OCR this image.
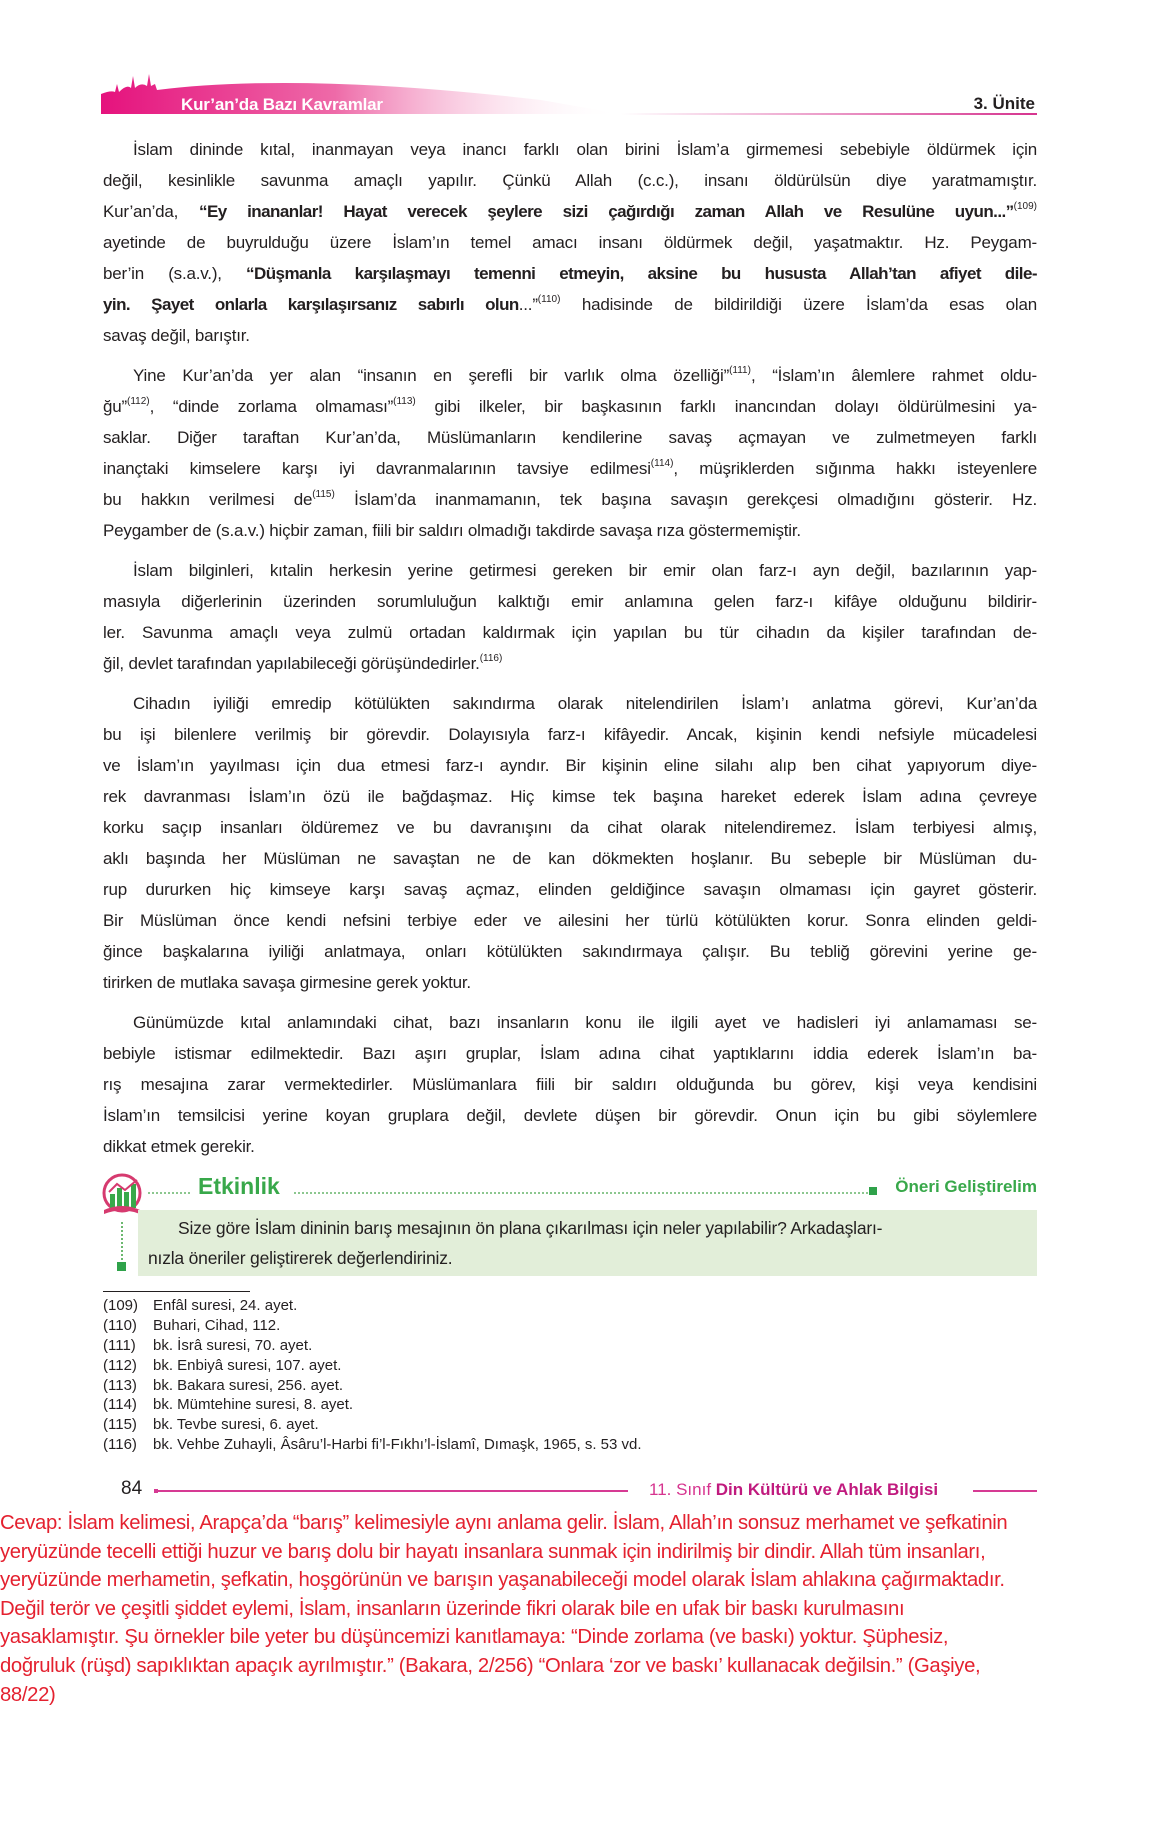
Kur’an’da Bazı Kavramlar	3. Ünite
İslam dininde kıtal, inanmayan veya inancı farklı olan birini İslam’a girmemesi sebebiyle öldürmek için
değil, kesinlikle savunma amaçlı yapılır. Çünkü Allah (c.c.), insanı öldürülsün diye yaratmamıştır.
Kur’an’da, “Ey inananlar! Hayat verecek şeylere sizi çağırdığı zaman Allah ve Resulüne uyun...”$^{(109)}$
ayetinde de buyrulduğu üzere İslam’ın temel amacı insanı öldürmek değil, yaşatmaktır. Hz. Peygam-
ber’in (s.a.v.), “Düşmanla karşılaşmayı temenni etmeyin, aksine bu hususta Allah’tan afiyet dile-
yin. Şayet onlarla karşılaşırsanız sabırlı olun...”$^{(110)}$ hadisinde de bildirildiği üzere İslam’da esas olan
savaş değil, barıştır.
Yine Kur’an’da yer alan “insanın en şerefli bir varlık olma özelliği”$^{(111)}$, “İslam’ın âlemlere rahmet oldu-
ğu”$^{(112)}$, “dinde zorlama olmaması”$^{(113)}$ gibi ilkeler, bir başkasının farklı inancından dolayı öldürülmesini ya-
saklar. Diğer taraftan Kur’an’da, Müslümanların kendilerine savaş açmayan ve zulmetmeyen farklı
inançtaki kimselere karşı iyi davranmalarının tavsiye edilmesi$^{(114)}$, müşriklerden sığınma hakkı isteyenlere
bu hakkın verilmesi $de^{(115)}$ İslam’da inanmamanın, tek başına savaşın gerekçesi olmadığını gösterir. Hz.
Peygamber de (s.a.v.) hiçbir zaman, fiili bir saldırı olmadığı takdirde savaşa rıza göstermemiştir.
İslam bilginleri, kıtalin herkesin yerine getirmesi gereken bir emir olan farz-ı ayn değil, bazılarının yap-
masıyla diğerlerinin üzerinden sorumluluğun kalktığı emir anlamına gelen farz-ı kifâye olduğunu bildirir-
ler. Savunma amaçlı veya zulmü ortadan kaldırmak için yapılan bu tür cihadın da kişiler tarafından de-
ğil, devlet tarafından yapılabileceği görüşündedirler.$^{(116)}$
Cihadın iyiliği emredip kötülükten sakındırma olarak nitelendirilen İslam’ı anlatma görevi, Kur’an’da
bu işi bilenlere verilmiş bir görevdir. Dolayısıyla farz-ı kifâyedir. Ancak, kişinin kendi nefsiyle mücadelesi
ve İslam’ın yayılması için dua etmesi farz-ı ayndır. Bir kişinin eline silahı alıp ben cihat yapıyorum diye-
rek davranması İslam’ın özü ile bağdaşmaz. Hiç kimse tek başına hareket ederek İslam adına çevreye
korku saçıp insanları öldüremez ve bu davranışını da cihat olarak nitelendiremez. İslam terbiyesi almış,
aklı başında her Müslüman ne savaştan ne de kan dökmekten hoşlanır. Bu sebeple bir Müslüman du-
rup dururken hiç kimseye karşı savaş açmaz, elinden geldiğince savaşın olmaması için gayret gösterir.
Bir Müslüman önce kendi nefsini terbiye eder ve ailesini her türlü kötülükten korur. Sonra elinden geldi-
ğince başkalarına iyiliği anlatmaya, onları kötülükten sakındırmaya çalışır. Bu tebliğ görevini yerine ge-
tirirken de mutlaka savaşa girmesine gerek yoktur.
Günümüzde kıtal anlamındaki cihat, bazı insanların konu ile ilgili ayet ve hadisleri iyi anlamaması se-
bebiyle istismar edilmektedir. Bazı aşırı gruplar, İslam adına cihat yaptıklarını iddia ederek İslam’ın ba-
rış mesajına zarar vermektedirler. Müslümanlara fiili bir saldırı olduğunda bu görev, kişi veya kendisini
İslam’ın temsilcisi yerine koyan gruplara değil, devlete düşen bir görevdir. Onun için bu gibi söylemlere
dikkat etmek gerekir.
Etkinlik	Öneri Geliştirelim
Size göre İslam dininin barış mesajının ön plana çıkarılması için neler yapılabilir? Arkadaşları-
nızla öneriler geliştirerek değerlendiriniz.
(109) Enfâl suresi, 24. ayet.
(110) Buhari, Cihad, 112.
(111) bk. İsrâ suresi, 70. ayet.
(112) bk. Enbiyâ suresi, 107. ayet.
(113) bk. Bakara suresi, 256. ayet.
(114) bk. Mümtehine suresi, 8. ayet.
(115) bk. Tevbe suresi, 6. ayet.
(116) bk. Vehbe Zuhayli, Âsâru’l-Harbi fi’l-Fıkhı’l-İslamî, Dımaşk, 1965, s. 53 vd.
84	11. Sınıf Din Kültürü ve Ahlak Bilgisi
Cevap: İslam kelimesi, Arapça’da “barış” kelimesiyle aynı anlama gelir. İslam, Allah’ın sonsuz merhamet ve şefkatinin
yeryüzünde tecelli ettiği huzur ve barış dolu bir hayatı insanlara sunmak için indirilmiş bir dindir. Allah tüm insanları,
yeryüzünde merhametin, şefkatin, hoşgörünün ve barışın yaşanabileceği model olarak İslam ahlakına çağırmaktadır.
Değil terör ve çeşitli şiddet eylemi, İslam, insanların üzerinde fikri olarak bile en ufak bir baskı kurulmasını
yasaklamıştır. Şu örnekler bile yeter bu düşüncemizi kanıtlamaya: “Dinde zorlama (ve baskı) yoktur. Şüphesiz,
doğruluk (rüşd) sapıklıktan apaçık ayrılmıştır.” (Bakara, 2/256) “Onlara ‘zor ve baskı’ kullanacak değilsin.” (Gaşiye,
88/22)
